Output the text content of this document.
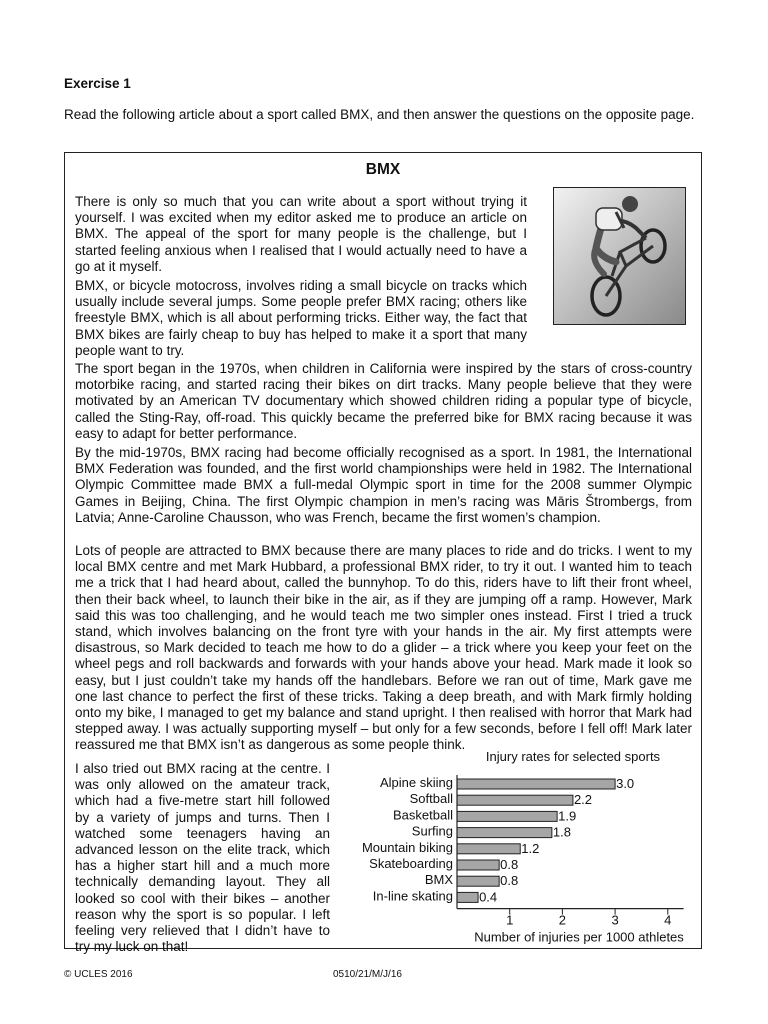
Exercise 1
Read the following article about a sport called BMX, and then answer the questions on the opposite page.
BMX

There is only so much that you can write about a sport without trying it yourself. I was excited when my editor asked me to produce an article on BMX. The appeal of the sport for many people is the challenge, but I started feeling anxious when I realised that I would actually need to have a go at it myself.

BMX, or bicycle motocross, involves riding a small bicycle on tracks which usually include several jumps. Some people prefer BMX racing; others like freestyle BMX, which is all about performing tricks. Either way, the fact that BMX bikes are fairly cheap to buy has helped to make it a sport that many people want to try.

The sport began in the 1970s, when children in California were inspired by the stars of cross-country motorbike racing, and started racing their bikes on dirt tracks. Many people believe that they were motivated by an American TV documentary which showed children riding a popular type of bicycle, called the Sting-Ray, off-road. This quickly became the preferred bike for BMX racing because it was easy to adapt for better performance.

By the mid-1970s, BMX racing had become officially recognised as a sport. In 1981, the International BMX Federation was founded, and the first world championships were held in 1982. The International Olympic Committee made BMX a full-medal Olympic sport in time for the 2008 summer Olympic Games in Beijing, China. The first Olympic champion in men’s racing was Māris Štrombergs, from Latvia; Anne-Caroline Chausson, who was French, became the first women’s champion.

Lots of people are attracted to BMX because there are many places to ride and do tricks. I went to my local BMX centre and met Mark Hubbard, a professional BMX rider, to try it out. I wanted him to teach me a trick that I had heard about, called the bunnyhop. To do this, riders have to lift their front wheel, then their back wheel, to launch their bike in the air, as if they are jumping off a ramp. However, Mark said this was too challenging, and he would teach me two simpler ones instead. First I tried a truck stand, which involves balancing on the front tyre with your hands in the air. My first attempts were disastrous, so Mark decided to teach me how to do a glider – a trick where you keep your feet on the wheel pegs and roll backwards and forwards with your hands above your head. Mark made it look so easy, but I just couldn’t take my hands off the handlebars. Before we ran out of time, Mark gave me one last chance to perfect the first of these tricks. Taking a deep breath, and with Mark firmly holding onto my bike, I managed to get my balance and stand upright. I then realised with horror that Mark had stepped away. I was actually supporting myself – but only for a few seconds, before I fell off! Mark later reassured me that BMX isn’t as dangerous as some people think.

I also tried out BMX racing at the centre. I was only allowed on the amateur track, which had a five-metre start hill followed by a variety of jumps and turns. Then I watched some teenagers having an advanced lesson on the elite track, which has a higher start hill and a much more technically demanding layout. They all looked so cool with their bikes – another reason why the sport is so popular. I left feeling very relieved that I didn’t have to try my luck on that!

Injury rates for selected sports
Alpine skiing	3.0
Softball	2.2
Basketball	1.9
Surfing	1.8
Mountain biking	1.2
Skateboarding	0.8
BMX	0.8
In-line skating 0.4
1	2	3	4
Number of injuries per 1000 athletes
© UCLES 2016	0510/21/M/J/16
